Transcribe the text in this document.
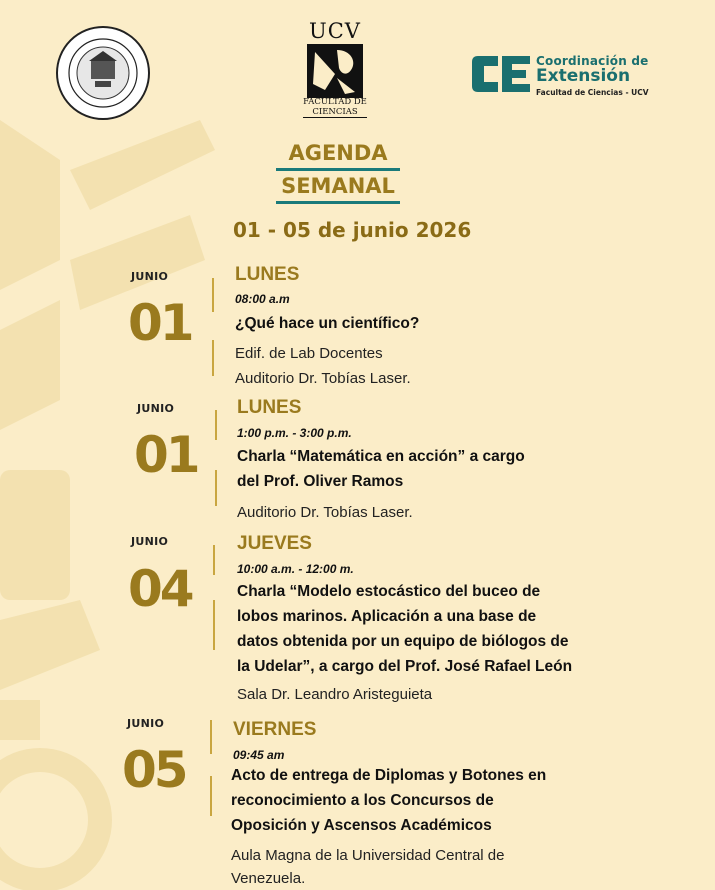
UCV
FACULTAD DE
CIENCIAS
Coordinación de
Extensión
Facultad de Ciencias - UCV
AGENDA
SEMANAL
01 - 05 de junio 2026
JUNIO
01
LUNES
08:00 a.m
¿Qué hace un científico?
Edif. de Lab Docentes
Auditorio Dr. Tobías Laser.
JUNIO
01
LUNES
1:00 p.m. - 3:00 p.m.
Charla “Matemática en acción” a cargo
del Prof. Oliver Ramos
Auditorio Dr. Tobías Laser.
JUNIO
04
JUEVES
10:00 a.m. - 12:00 m.
Charla “Modelo estocástico del buceo de
lobos marinos. Aplicación a una base de
datos obtenida por un equipo de biólogos de
la Udelar”, a cargo del Prof. José Rafael León
Sala Dr. Leandro Aristeguieta
JUNIO
05
VIERNES
09:45 am
Acto de entrega de Diplomas y Botones en
reconocimiento a los Concursos de
Oposición y Ascensos Académicos
Aula Magna de la Universidad Central de
Venezuela.
